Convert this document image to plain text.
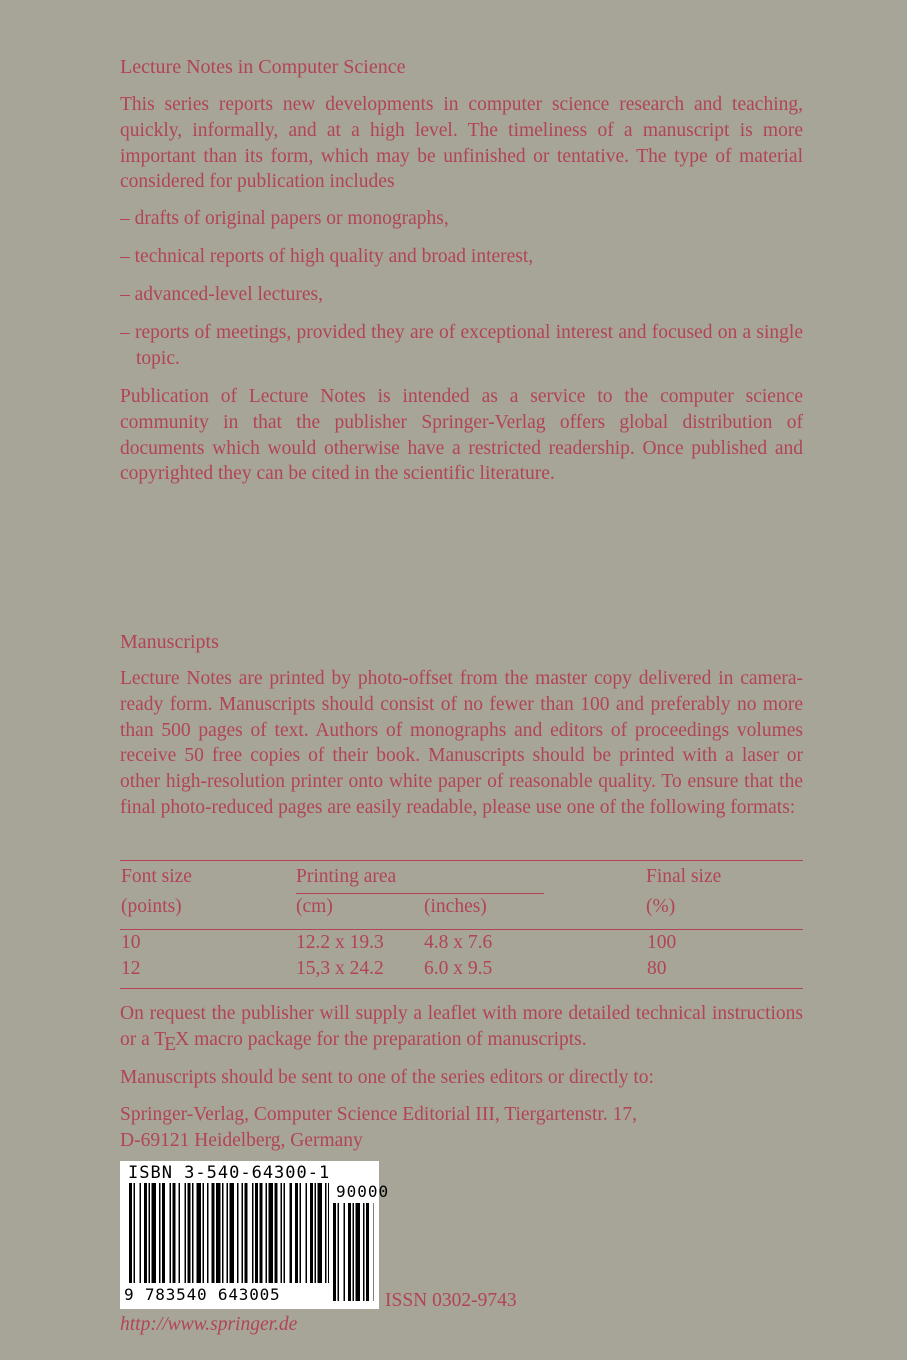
Lecture Notes in Computer Science

This series reports new developments in computer science research and teaching, quickly, informally, and at a high level. The timeliness of a manuscript is more important than its form, which may be unfinished or tentative. The type of material considered for publication includes

– drafts of original papers or monographs,
– technical reports of high quality and broad interest,
– advanced-level lectures,
– reports of meetings, provided they are of exceptional interest and focused on a single topic.

Publication of Lecture Notes is intended as a service to the computer science community in that the publisher Springer-Verlag offers global distribution of documents which would otherwise have a restricted readership. Once published and copyrighted they can be cited in the scientific literature.

Manuscripts

Lecture Notes are printed by photo-offset from the master copy delivered in camera-ready form. Manuscripts should consist of no fewer than 100 and preferably no more than 500 pages of text. Authors of monographs and editors of proceedings volumes receive 50 free copies of their book. Manuscripts should be printed with a laser or other high-resolution printer onto white paper of reasonable quality. To ensure that the final photo-reduced pages are easily readable, please use one of the following formats:

Font size	Printing area	Final size
(points)	(cm)	(inches)	(%)
10	12.2 x 19.3 4.8 x 7.6	100
12	15,3 x 24.2 6.0 x 9.5	80

On request the publisher will supply a leaflet with more detailed technical instructions or a TEX macro package for the preparation of manuscripts.

Manuscripts should be sent to one of the series editors or directly to:
Springer-Verlag, Computer Science Editorial III, Tiergartenstr. 17,
D-69121 Heidelberg, Germany
ISBN 3-540-64300-1
90000
9 783540 643005	ISSN 0302-9743
http://www.springer.de
